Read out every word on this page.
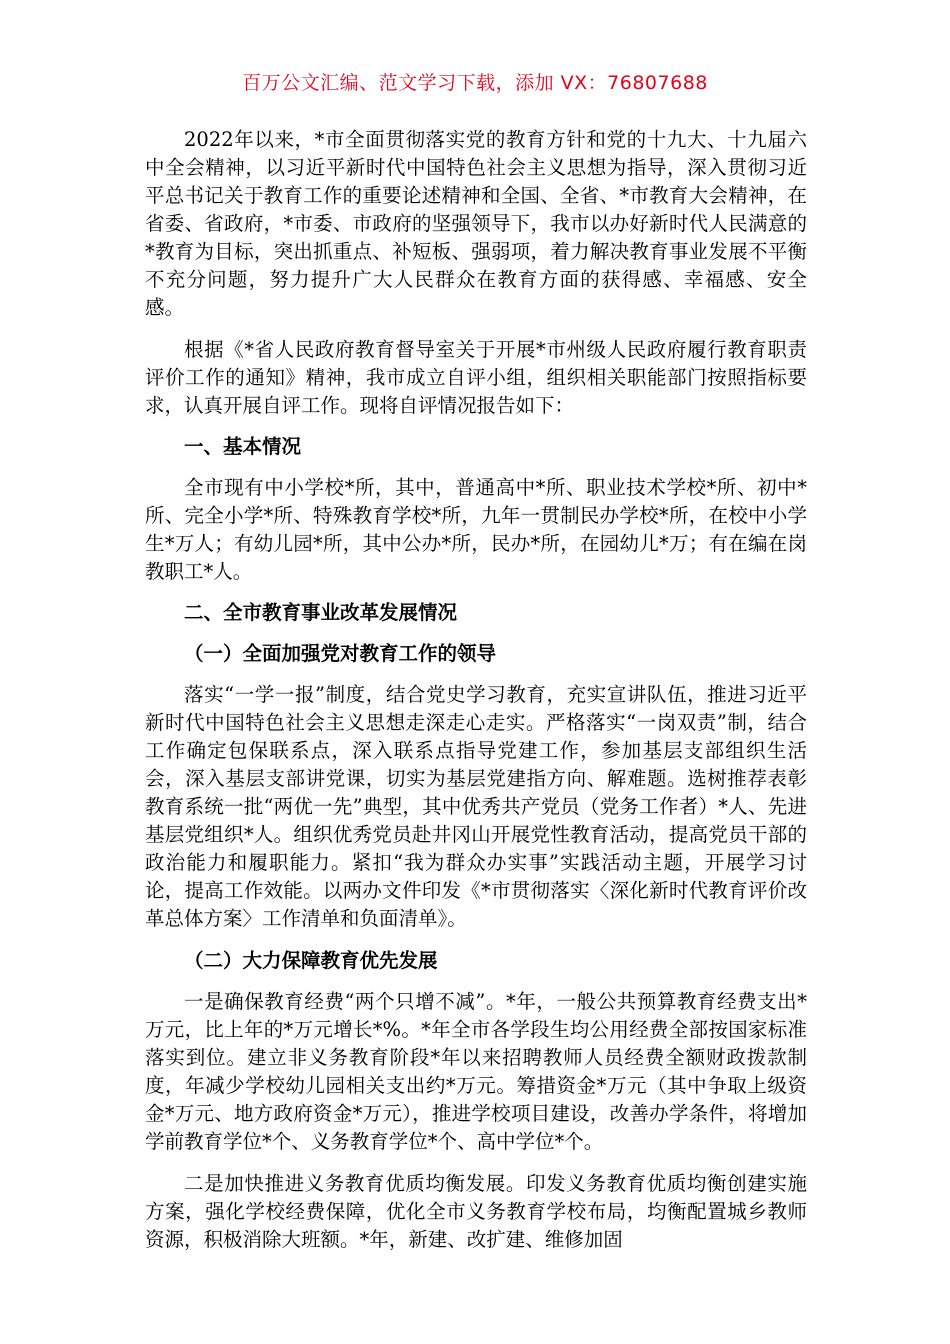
百万公文汇编、范文学习下载，添加 VX：76807688

2022年以来，*市全面贯彻落实党的教育方针和党的十九大、十九届六中全会精神，以习近平新时代中国特色社会主义思想为指导，深入贯彻习近平总书记关于教育工作的重要论述精神和全国、全省、*市教育大会精神，在省委、省政府，*市委、市政府的坚强领导下，我市以办好新时代人民满意的*教育为目标，突出抓重点、补短板、强弱项，着力解决教育事业发展不平衡不充分问题，努力提升广大人民群众在教育方面的获得感、幸福感、安全感。

根据《*省人民政府教育督导室关于开展*市州级人民政府履行教育职责评价工作的通知》精神，我市成立自评小组，组织相关职能部门按照指标要求，认真开展自评工作。现将自评情况报告如下：

一、基本情况

全市现有中小学校*所，其中，普通高中*所、职业技术学校*所、初中*所、完全小学*所、特殊教育学校*所，九年一贯制民办学校*所，在校中小学生*万人；有幼儿园*所，其中公办*所，民办*所，在园幼儿*万；有在编在岗教职工*人。

二、全市教育事业改革发展情况
（一）全面加强党对教育工作的领导

落实“一学一报”制度，结合党史学习教育，充实宣讲队伍，推进习近平新时代中国特色社会主义思想走深走心走实。严格落实“一岗双责”制，结合工作确定包保联系点，深入联系点指导党建工作，参加基层支部组织生活会，深入基层支部讲党课，切实为基层党建指方向、解难题。选树推荐表彰教育系统一批“两优一先”典型，其中优秀共产党员（党务工作者）*人、先进基层党组织*人。组织优秀党员赴井冈山开展党性教育活动，提高党员干部的政治能力和履职能力。紧扣“我为群众办实事”实践活动主题，开展学习讨论，提高工作效能。以两办文件印发《*市贯彻落实〈深化新时代教育评价改革总体方案〉工作清单和负面清单》。

（二）大力保障教育优先发展

一是确保教育经费“两个只增不减”。*年，一般公共预算教育经费支出*万元，比上年的*万元增长*%。*年全市各学段生均公用经费全部按国家标准落实到位。建立非义务教育阶段*年以来招聘教师人员经费全额财政拨款制度，年减少学校幼儿园相关支出约*万元。筹措资金*万元（其中争取上级资金*万元、地方政府资金*万元），推进学校项目建设，改善办学条件，将增加学前教育学位*个、义务教育学位*个、高中学位*个。

二是加快推进义务教育优质均衡发展。印发义务教育优质均衡创建实施方案，强化学校经费保障，优化全市义务教育学校布局，均衡配置城乡教师资源，积极消除大班额。*年，新建、改扩建、维修加固
